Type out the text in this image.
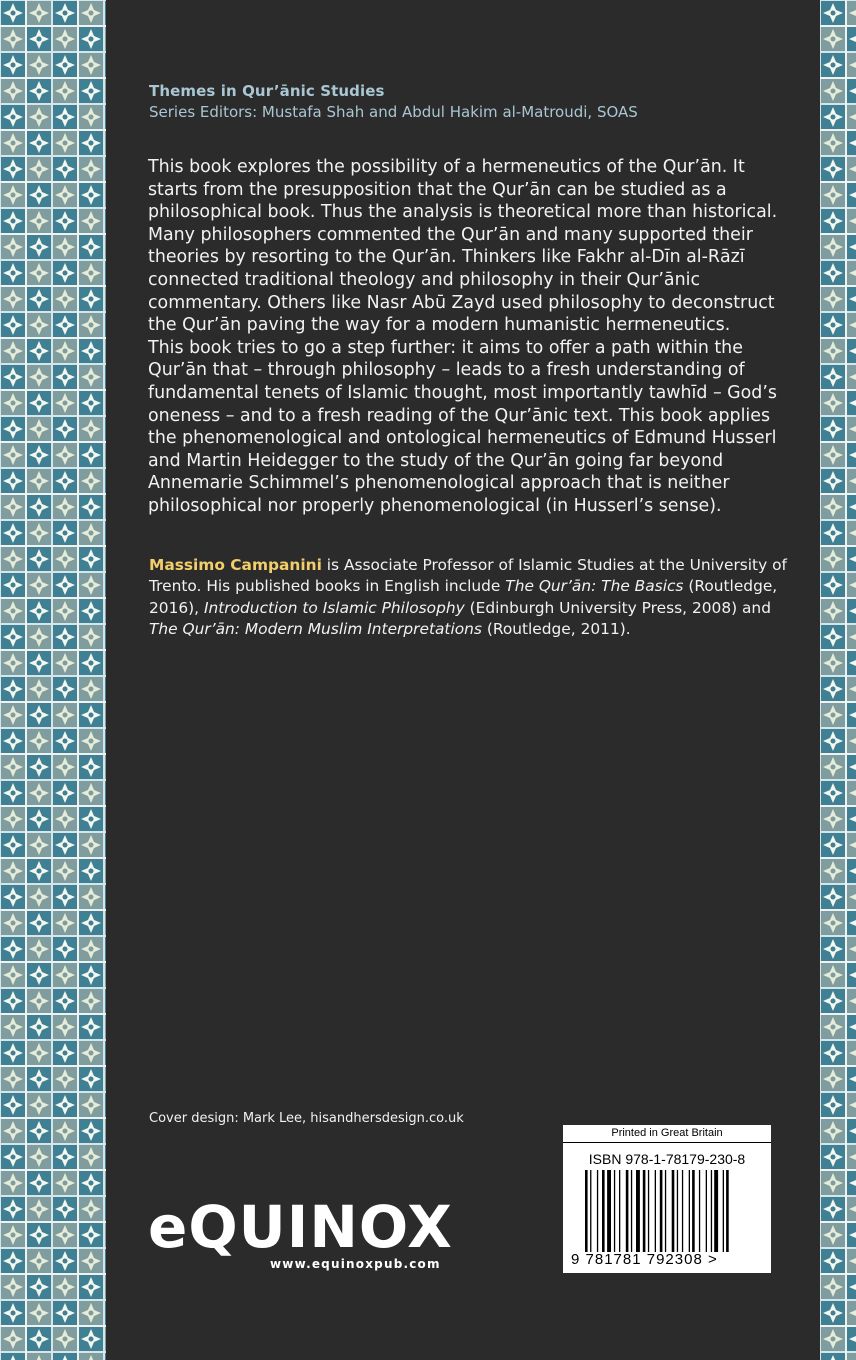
Themes in Qur’ānic Studies
Series Editors: Mustafa Shah and Abdul Hakim al-Matroudi, SOAS

This book explores the possibility of a hermeneutics of the Qur’ān. It starts from the presupposition that the Qur’ān can be studied as a philosophical book. Thus the analysis is theoretical more than historical. Many philosophers commented the Qur’ān and many supported their theories by resorting to the Qur’ān. Thinkers like Fakhr al-Dīn al-Rāzī connected traditional theology and philosophy in their Qur’ānic commentary. Others like Nasr Abū Zayd used philosophy to deconstruct the Qur’ān paving the way for a modern humanistic hermeneutics.

This book tries to go a step further: it aims to offer a path within the Qur’ān that – through philosophy – leads to a fresh understanding of fundamental tenets of Islamic thought, most importantly tawhīd – God’s oneness – and to a fresh reading of the Qur’ānic text. This book applies the phenomenological and ontological hermeneutics of Edmund Husserl and Martin Heidegger to the study of the Qur’ān going far beyond Annemarie Schimmel’s phenomenological approach that is neither philosophical nor properly phenomenological (in Husserl’s sense).

Massimo Campanini is Associate Professor of Islamic Studies at the University of Trento. His published books in English include The Qur’ān: The Basics (Routledge, 2016), Introduction to Islamic Philosophy (Edinburgh University Press, 2008) and The Qur’ān: Modern Muslim Interpretations (Routledge, 2011).
Cover design: Mark Lee, hisandhersdesign.co.uk
eQUINOX
www.equinoxpub.com
Printed in Great Britain
ISBN 978-1-78179-230-8
9 781781 792308 >
